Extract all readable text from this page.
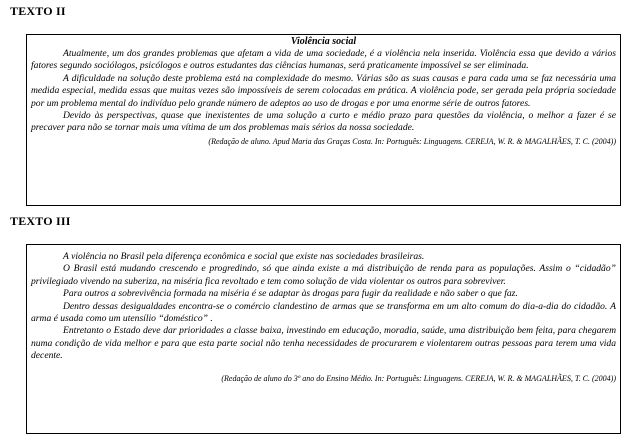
TEXTO II
Violência social

Atualmente, um dos grandes problemas que afetam a vida de uma sociedade, é a violência nela inserida. Violência essa que devido a vários fatores segundo sociólogos, psicólogos e outros estudantes das ciências humanas, será praticamente impossível se ser eliminada.

A dificuldade na solução deste problema está na complexidade do mesmo. Várias são as suas causas e para cada uma se faz necessária uma medida especial, medida essas que muitas vezes são impossíveis de serem colocadas em prática. A violência pode, ser gerada pela própria sociedade por um problema mental do indivíduo pelo grande número de adeptos ao uso de drogas e por uma enorme série de outros fatores.

Devido às perspectivas, quase que inexistentes de uma solução a curto e médio prazo para questões da violência, o melhor a fazer é se precaver para não se tornar mais uma vítima de um dos problemas mais sérios da nossa sociedade.

(Redação de aluno. Apud Maria das Graças Costa. In: Português: Linguagens. CEREJA, W. R. & MAGALHÃES, T. C. (2004))
TEXTO III

A violência no Brasil pela diferença econômica e social que existe nas sociedades brasileiras.

O Brasil está mudando crescendo e progredindo, só que ainda existe a má distribuição de renda para as populações. Assim o “cidadão” privilegiado vivendo na suberiza, na miséria fica revoltado e tem como solução de vida violentar os outros para sobreviver.

Para outros a sobrevivência formada na miséria é se adaptar às drogas para fugir da realidade e não saber o que faz.

Dentro dessas desigualdades encontra-se o comércio clandestino de armas que se transforma em um alto comum do dia-a-dia do cidadão. A arma é usada como um utensílio “doméstico” .

Entretanto o Estado deve dar prioridades a classe baixa, investindo em educação, moradia, saúde, uma distribuição bem feita, para chegarem numa condição de vida melhor e para que esta parte social não tenha necessidades de procurarem e violentarem outras pessoas para terem uma vida decente.

(Redação de aluno do 3º ano do Ensino Médio. In: Português: Linguagens. CEREJA, W. R. & MAGALHÃES, T. C. (2004))
